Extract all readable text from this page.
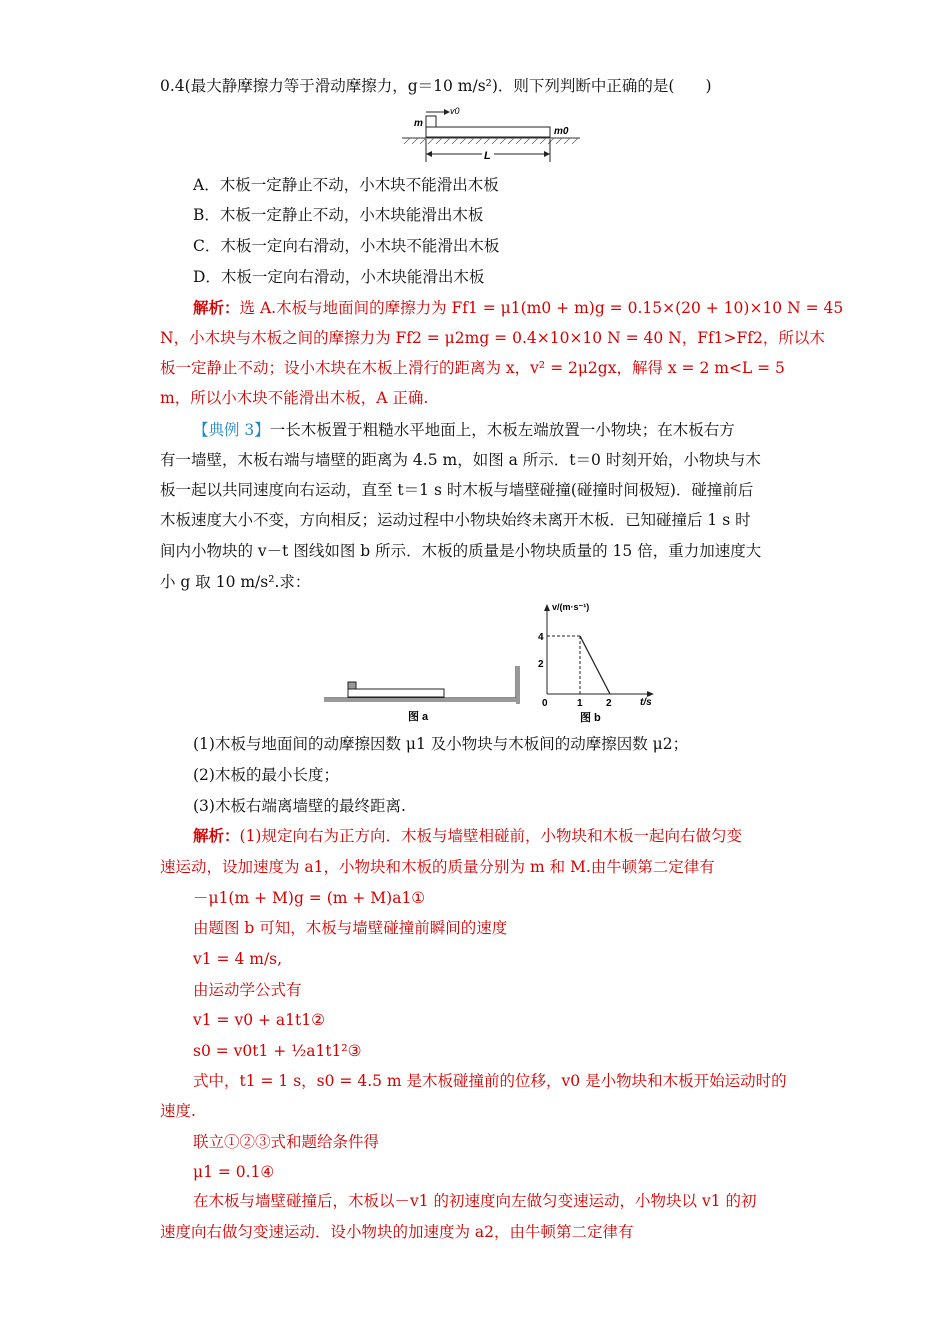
0.4(最大静摩擦力等于滑动摩擦力，g＝10 m/s²)．则下列判断中正确的是(　　)
v0
m
m0
L
A．木板一定静止不动，小木块不能滑出木板
B．木板一定静止不动，小木块能滑出木板
C．木板一定向右滑动，小木块不能滑出木板
D．木板一定向右滑动，小木块能滑出木板
解析：选 A.木板与地面间的摩擦力为 Ff1 = μ1(m0 + m)g = 0.15×(20 + 10)×10 N = 45
N，小木块与木板之间的摩擦力为 Ff2 = μ2mg = 0.4×10×10 N = 40 N，Ff1>Ff2，所以木
板一定静止不动；设小木块在木板上滑行的距离为 x，v² = 2μ2gx，解得 x = 2 m<L = 5
m，所以小木块不能滑出木板，A 正确.
【典例 3】一长木板置于粗糙水平地面上，木板左端放置一小物块；在木板右方
有一墙壁，木板右端与墙壁的距离为 4.5 m，如图 a 所示．t＝0 时刻开始，小物块与木
板一起以共同速度向右运动，直至 t＝1 s 时木板与墙壁碰撞(碰撞时间极短)．碰撞前后
木板速度大小不变，方向相反；运动过程中小物块始终未离开木板．已知碰撞后 1 s 时
间内小物块的 v－t 图线如图 b 所示．木板的质量是小物块质量的 15 倍，重力加速度大
小 g 取 10 m/s².求：
图 a
v/(m·s⁻¹)
t/s
4
2
0	1 2
图 b
(1)木板与地面间的动摩擦因数 μ1 及小物块与木板间的动摩擦因数 μ2；
(2)木板的最小长度；
(3)木板右端离墙壁的最终距离.
解析：(1)规定向右为正方向．木板与墙壁相碰前，小物块和木板一起向右做匀变
速运动，设加速度为 a1，小物块和木板的质量分别为 m 和 M.由牛顿第二定律有
－μ1(m + M)g = (m + M)a1①
由题图 b 可知，木板与墙壁碰撞前瞬间的速度
v1 = 4 m/s,
由运动学公式有
v1 = v0 + a1t1②
s0 = v0t1 + ½a1t1²③
式中，t1 = 1 s，s0 = 4.5 m 是木板碰撞前的位移，v0 是小物块和木板开始运动时的
速度.
联立①②③式和题给条件得
μ1 = 0.1④
在木板与墙壁碰撞后，木板以－v1 的初速度向左做匀变速运动，小物块以 v1 的初
速度向右做匀变速运动．设小物块的加速度为 a2，由牛顿第二定律有
